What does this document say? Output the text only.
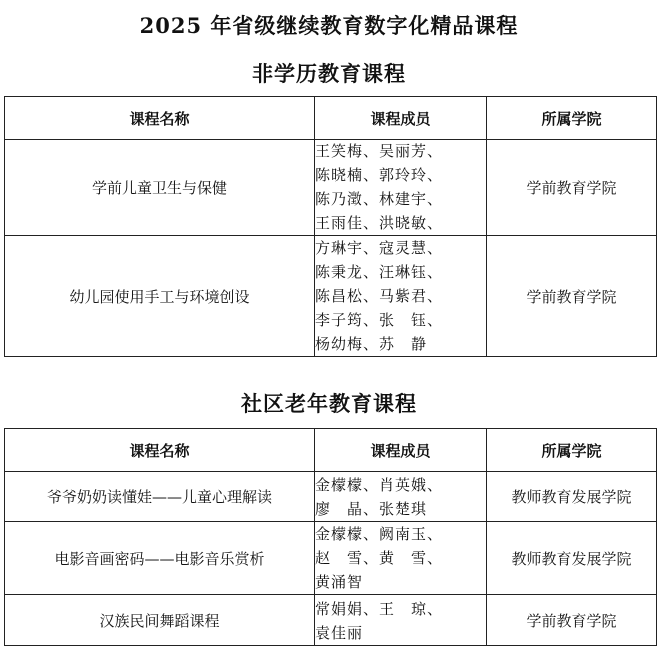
2025 年省级继续教育数字化精品课程
非学历教育课程
课程名称	课程成员	所属学院
学前儿童卫生与保健	王笑梅、吴丽芳、
陈晓楠、郭玲玲、
陈乃澂、林建宇、
王雨佳、洪晓敏、	学前教育学院
幼儿园使用手工与环境创设	方琳宇、寇灵慧、
陈秉龙、汪琳钰、
陈昌松、马紫君、
李子筠、张　钰、
杨幼梅、苏　静	学前教育学院
社区老年教育课程
课程名称	课程成员	所属学院
爷爷奶奶读懂娃——儿童心理解读	金檬檬、肖英娥、
廖　晶、张楚琪	教师教育发展学院
电影音画密码——电影音乐赏析	金檬檬、阙南玉、
赵　雪、黄　雪、
黄涌智	教师教育发展学院
汉族民间舞蹈课程	常娟娟、王　琼、
袁佳丽	学前教育学院
